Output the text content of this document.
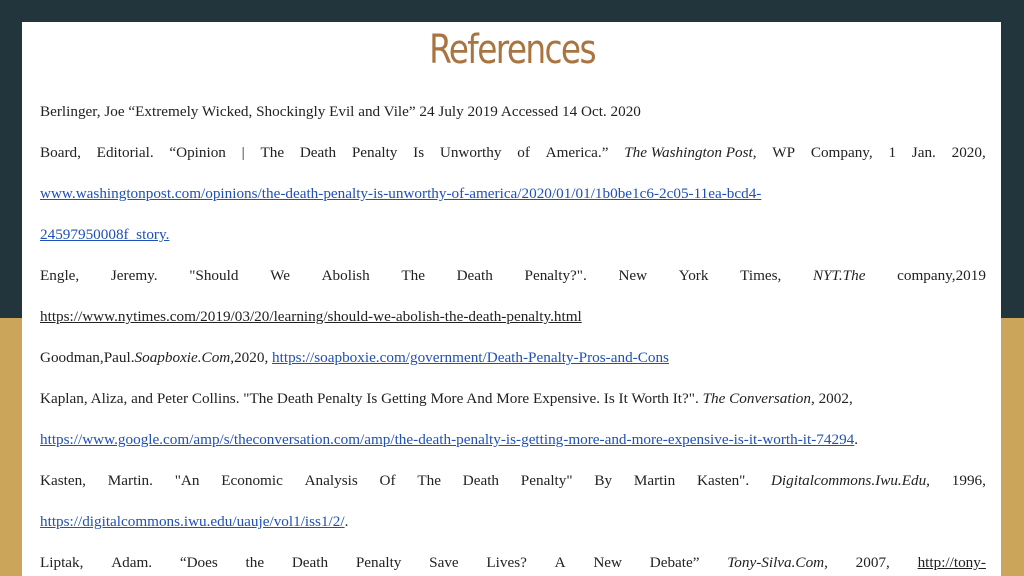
References
Berlinger, Joe “Extremely Wicked, Shockingly Evil and Vile” 24 July 2019 Accessed 14 Oct. 2020
Board, Editorial. “Opinion | The Death Penalty Is Unworthy of America.” The Washington Post, WP Company, 1 Jan. 2020,
www.washingtonpost.com/opinions/the-death-penalty-is-unworthy-of-america/2020/01/01/1b0be1c6-2c05-11ea-bcd4-
24597950008f_story.
Engle, Jeremy. "Should We Abolish The Death Penalty?". New York Times, NYT.The company,2019
https://www.nytimes.com/2019/03/20/learning/should-we-abolish-the-death-penalty.html
Goodman,Paul.Soapboxie.Com,2020, https://soapboxie.com/government/Death-Penalty-Pros-and-Cons
Kaplan, Aliza, and Peter Collins. "The Death Penalty Is Getting More And More Expensive. Is It Worth It?". The Conversation, 2002,
https://www.google.com/amp/s/theconversation.com/amp/the-death-penalty-is-getting-more-and-more-expensive-is-it-worth-it-74294.
Kasten, Martin. "An Economic Analysis Of The Death Penalty" By Martin Kasten". Digitalcommons.Iwu.Edu, 1996,
https://digitalcommons.iwu.edu/uauje/vol1/iss1/2/.
Liptak, Adam. “Does the Death Penalty Save Lives? A New Debate” Tony-Silva.Com, 2007, http://tony-
